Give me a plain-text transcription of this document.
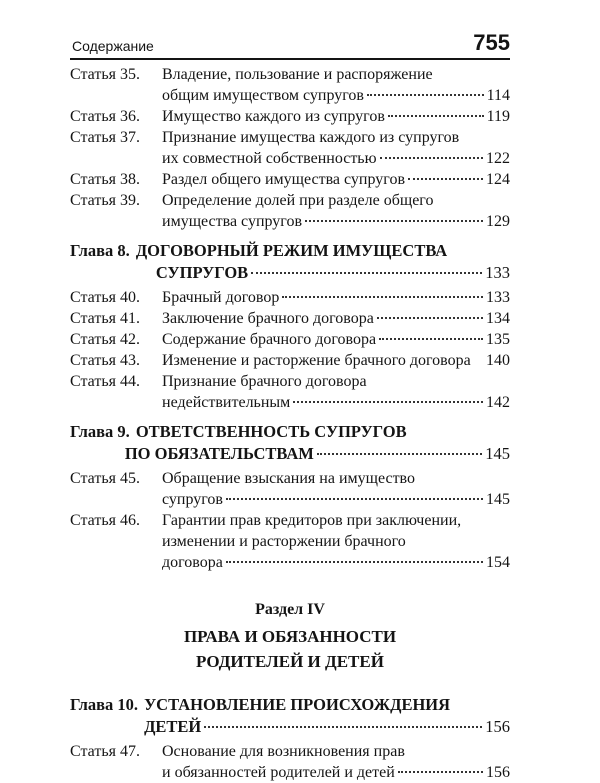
Содержание	755
Статья 35.	Владение, пользование и распоряжение
общим имуществом супругов	114
Статья 36.	Имущество каждого из супругов	119
Статья 37.	Признание имущества каждого из супругов
их совместной собственностью	122
Статья 38.	Раздел общего имущества супругов	124
Статья 39.	Определение долей при разделе общего
имущества супругов	129
Глава 8. ДОГОВОРНЫЙ РЕЖИМ ИМУЩЕСТВА
СУПРУГОВ	133
Статья 40.	Брачный договор	133
Статья 41.	Заключение брачного договора	134
Статья 42.	Содержание брачного договора	135
Статья 43.	Изменение и расторжение брачного договора 140
Статья 44.	Признание брачного договора
недействительным	142
Глава 9. ОТВЕТСТВЕННОСТЬ СУПРУГОВ
ПО ОБЯЗАТЕЛЬСТВАМ	145
Статья 45.	Обращение взыскания на имущество
супругов	145
Статья 46.	Гарантии прав кредиторов при заключении,
изменении и расторжении брачного
договора	154
Раздел IV
ПРАВА И ОБЯЗАННОСТИ
РОДИТЕЛЕЙ И ДЕТЕЙ
Глава 10. УСТАНОВЛЕНИЕ ПРОИСХОЖДЕНИЯ
ДЕТЕЙ	156
Статья 47.	Основание для возникновения прав
и обязанностей родителей и детей	156
